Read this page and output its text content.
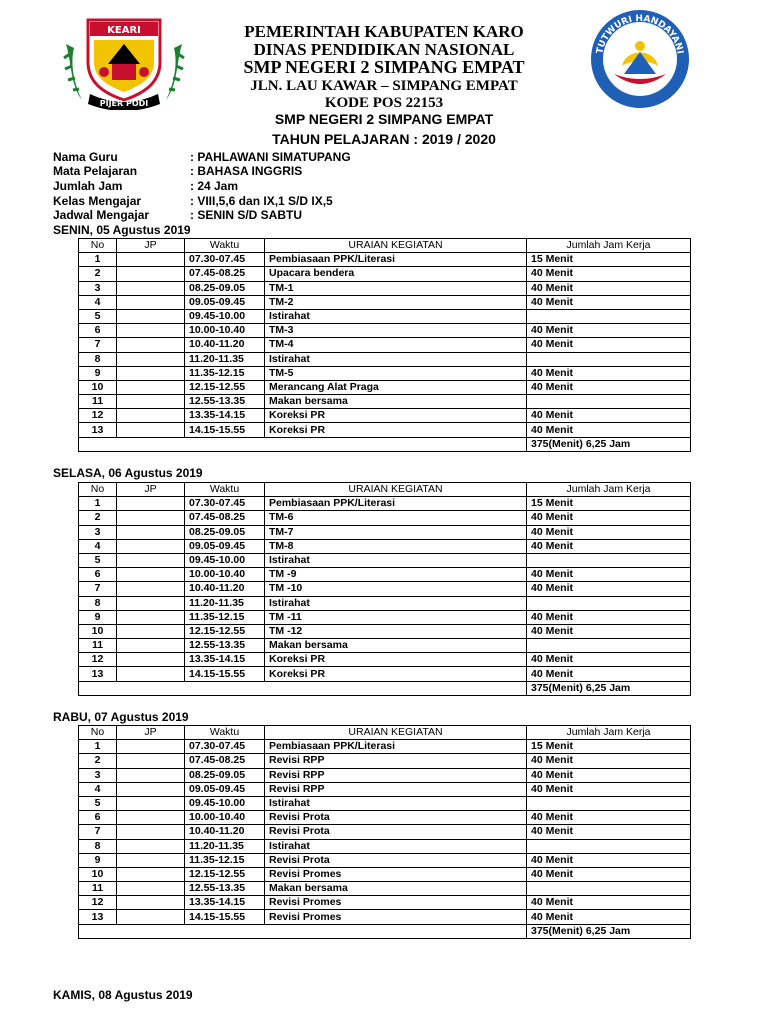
KEARI
PIJER PODI
TUTWURI HANDAYANI
PEMERINTAH KABUPATEN KARO
DINAS PENDIDIKAN NASIONAL
SMP NEGERI 2 SIMPANG EMPAT
JLN. LAU KAWAR – SIMPANG EMPAT
KODE POS 22153
SMP NEGERI 2 SIMPANG EMPAT
TAHUN PELAJARAN : 2019 / 2020
Nama Guru	: PAHLAWANI SIMATUPANG
Mata Pelajaran	: BAHASA INGGRIS
Jumlah Jam	: 24 Jam
Kelas Mengajar	: VIII,5,6 dan IX,1 S/D IX,5
Jadwal Mengajar	: SENIN S/D SABTU
SENIN, 05 Agustus 2019
No	JP	Waktu	URAIAN KEGIATAN	Jumlah Jam Kerja
1		07.30-07.45	Pembiasaan PPK/Literasi	15 Menit
2		07.45-08.25	Upacara bendera	40 Menit
3		08.25-09.05	TM-1	40 Menit
4		09.05-09.45	TM-2	40 Menit
5		09.45-10.00	Istirahat	
6		10.00-10.40	TM-3	40 Menit
7		10.40-11.20	TM-4	40 Menit
8		11.20-11.35	Istirahat	
9		11.35-12.15	TM-5	40 Menit
10		12.15-12.55	Merancang Alat Praga	40 Menit
11		12.55-13.35	Makan bersama	
12		13.35-14.15	Koreksi PR	40 Menit
13		14.15-15.55	Koreksi PR	40 Menit
				375(Menit) 6,25 Jam
SELASA, 06 Agustus 2019
No	JP	Waktu	URAIAN KEGIATAN	Jumlah Jam Kerja
1		07.30-07.45	Pembiasaan PPK/Literasi	15 Menit
2		07.45-08.25	TM-6	40 Menit
3		08.25-09.05	TM-7	40 Menit
4		09.05-09.45	TM-8	40 Menit
5		09.45-10.00	Istirahat	
6		10.00-10.40	TM -9	40 Menit
7		10.40-11.20	TM -10	40 Menit
8		11.20-11.35	Istirahat	
9		11.35-12.15	TM -11	40 Menit
10		12.15-12.55	TM -12	40 Menit
11		12.55-13.35	Makan bersama	
12		13.35-14.15	Koreksi PR	40 Menit
13		14.15-15.55	Koreksi PR	40 Menit
				375(Menit) 6,25 Jam
RABU, 07 Agustus 2019
No	JP	Waktu	URAIAN KEGIATAN	Jumlah Jam Kerja
1		07.30-07.45	Pembiasaan PPK/Literasi	15 Menit
2		07.45-08.25	Revisi RPP	40 Menit
3		08.25-09.05	Revisi RPP	40 Menit
4		09.05-09.45	Revisi RPP	40 Menit
5		09.45-10.00	Istirahat	
6		10.00-10.40	Revisi Prota	40 Menit
7		10.40-11.20	Revisi Prota	40 Menit
8		11.20-11.35	Istirahat	
9		11.35-12.15	Revisi Prota	40 Menit
10		12.15-12.55	Revisi Promes	40 Menit
11		12.55-13.35	Makan bersama	
12		13.35-14.15	Revisi Promes	40 Menit
13		14.15-15.55	Revisi Promes	40 Menit
				375(Menit) 6,25 Jam
KAMIS, 08 Agustus 2019
